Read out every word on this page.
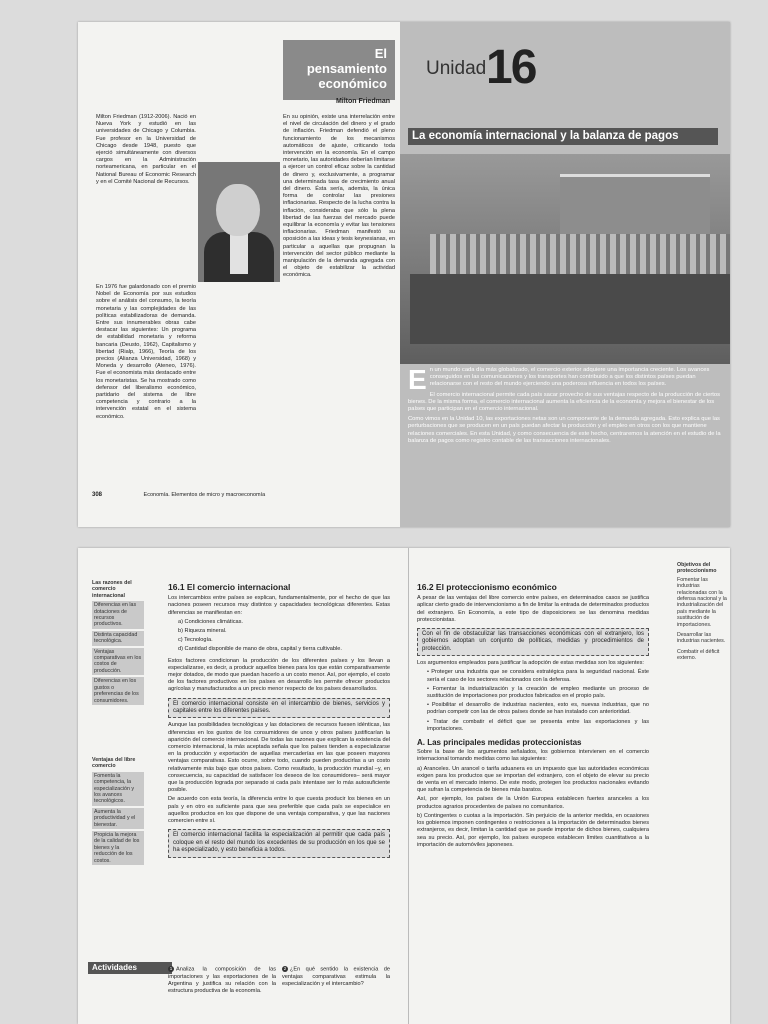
El pensamiento económico
Milton Friedman
Milton Friedman (1912-2006). Nació en Nueva York y estudió en las universidades de Chicago y Columbia. Fue profesor en la Universidad de Chicago desde 1948, puesto que ejerció simultáneamente con diversos cargos en la Administración norteamericana, en particular en el National Bureau of Economic Research y en el Comité Nacional de Recursos.
En su opinión, existe una interrelación entre el nivel de circulación del dinero y el grado de inflación. Friedman defendió el pleno funcionamiento de los mecanismos automáticos de ajuste, criticando toda intervención en la economía. En el campo monetario, las autoridades deberían limitarse a ejercer un control eficaz sobre la cantidad de dinero y, exclusivamente, a programar una determinada tasa de crecimiento anual del dinero. Ésta sería, además, la única forma de controlar las presiones inflacionarias. Respecto de la lucha contra la inflación, consideraba que sólo la plena libertad de las fuerzas del mercado puede equilibrar la economía y evitar las tensiones inflacionarias. Friedman manifestó su oposición a las ideas y tesis keynesianas, en particular a aquellas que propugnan la intervención del sector público mediante la manipulación de la demanda agregada con el objeto de estabilizar la actividad económica.
En 1976 fue galardonado con el premio Nobel de Economía por sus estudios sobre el análisis del consumo, la teoría monetaria y las complejidades de las políticas estabilizadoras de demanda. Entre sus innumerables obras cabe destacar las siguientes: Un programa de estabilidad monetaria y reforma bancaria (Deusto, 1962), Capitalismo y libertad (Rialp, 1966), Teoría de los precios (Alianza Universidad, 1968) y Moneda y desarrollo (Ateneo, 1976). Fue el economista más destacado entre los monetaristas. Se ha mostrado como defensor del liberalismo económico, partidario del sistema de libre competencia y contrario a la intervención estatal en el sistema económico.
308	Economía. Elementos de micro y macroeconomía
Unidad 16
La economía internacional y la balanza de pagos
E n un mundo cada día más globalizado, el comercio exterior adquiere una importancia creciente. Los avances conseguidos en las comunicaciones y los transportes han contribuido a que los distintos países puedan relacionarse con el resto del mundo ejerciendo una poderosa influencia en todos los países.

El comercio internacional permite cada país sacar provecho de sus ventajas respecto de la producción de ciertos bienes. De la misma forma, el comercio internacional aumenta la eficiencia de la economía y mejora el bienestar de los países que participan en el comercio internacional.

Como vimos en la Unidad 10, las exportaciones netas son un componente de la demanda agregada. Esto explica que las perturbaciones que se producen en un país puedan afectar la producción y el empleo en otros con los que mantiene relaciones comerciales. En esta Unidad, y como consecuencia de este hecho, centraremos la atención en el estudio de la balanza de pagos como registro contable de las transacciones internacionales.

Las razones del comercio internacional
Diferencias en las dotaciones de recursos productivos.
Distinta capacidad tecnológica.
Ventajas comparativas en los costos de producción.
Diferencias en los gustos o preferencias de los consumidores.
Ventajas del libre comercio
Fomenta la competencia, la especialización y los avances tecnológicos.
Aumenta la productividad y el bienestar.
Propicia la mejora de la calidad de los bienes y la reducción de los costos.
16.1 El comercio internacional
Los intercambios entre países se explican, fundamentalmente, por el hecho de que las naciones poseen recursos muy distintos y capacidades tecnológicas diferentes. Estas diferencias se manifiestan en:
a) Condiciones climáticas.
b) Riqueza mineral.
c) Tecnología.
d) Cantidad disponible de mano de obra, capital y tierra cultivable.
Estos factores condicionan la producción de los diferentes países y los llevan a especializarse, es decir, a producir aquellos bienes para los que están comparativamente mejor dotados, de modo que puedan hacerlo a un costo menor. Así, por ejemplo, el costo de los factores productivos en los países en desarrollo les permite ofrecer productos agrícolas y manufacturados a un precio menor respecto de los países desarrollados.
El comercio internacional consiste en el intercambio de bienes, servicios y capitales entre los diferentes países.
Aunque las posibilidades tecnológicas y las dotaciones de recursos fuesen idénticas, las diferencias en los gustos de los consumidores de unos y otros países justificarían la aparición del comercio internacional. De todas las razones que explican la existencia del comercio internacional, la más aceptada señala que los países tienden a especializarse en la producción y exportación de aquellas mercaderías en las que poseen mayores ventajas comparativas. Esto ocurre, sobre todo, cuando pueden producirlas a un costo relativamente más bajo que otros países. Como resultado, la producción mundial –y, en consecuencia, su capacidad de satisfacer los deseos de los consumidores– será mayor que la producción lograda por separado si cada país intentase ser lo más autosuficiente posible.
De acuerdo con esta teoría, la diferencia entre lo que cuesta producir los bienes en un país y en otro es suficiente para que sea preferible que cada país se especialice en aquellos productos en los que dispone de una ventaja comparativa, y que las naciones comercien entre sí.
El comercio internacional facilita la especialización al permitir que cada país coloque en el resto del mundo los excedentes de su producción en los que se ha especializado, y esto beneficia a todos.
Actividades	1 Analiza la composición de las importaciones y las exportaciones de la Argentina y justifica su relación con la estructura productiva de la economía.
2 ¿En qué sentido la existencia de ventajas comparativas estimula la especialización y el intercambio?
16.2 El proteccionismo económico
A pesar de las ventajas del libre comercio entre países, en determinados casos se justifica aplicar cierto grado de intervencionismo a fin de limitar la entrada de determinados productos del extranjero. En Economía, a este tipo de disposiciones se las denomina medidas proteccionistas.
Con el fin de obstaculizar las transacciones económicas con el extranjero, los gobiernos adoptan un conjunto de políticas, medidas y procedimientos de protección.
Los argumentos empleados para justificar la adopción de estas medidas son los siguientes:
• Proteger una industria que se considera estratégica para la seguridad nacional. Éste sería el caso de los sectores relacionados con la defensa.
• Fomentar la industrialización y la creación de empleo mediante un proceso de sustitución de importaciones por productos fabricados en el propio país.
• Posibilitar el desarrollo de industrias nacientes, esto es, nuevas industrias, que no podrían competir con las de otros países donde se han instalado con anterioridad.
• Tratar de combatir el déficit que se presenta entre las exportaciones y las importaciones.
A. Las principales medidas proteccionistas
Sobre la base de los argumentos señalados, los gobiernos intervienen en el comercio internacional tomando medidas como las siguientes:
a) Aranceles. Un arancel o tarifa aduanera es un impuesto que las autoridades económicas exigen para los productos que se importan del extranjero, con el objeto de elevar su precio de venta en el mercado interno. De este modo, protegen los productos nacionales evitando que sufran la competencia de bienes más baratos.
Así, por ejemplo, los países de la Unión Europea establecen fuertes aranceles a los productos agrarios procedentes de países no comunitarios.
b) Contingentes o cuotas a la importación. Sin perjuicio de la anterior medida, en ocasiones los gobiernos imponen contingentes o restricciones a la importación de determinados bienes extranjeros, es decir, limitan la cantidad que se puede importar de dichos bienes, cualquiera sea su precio. Así, por ejemplo, los países europeos establecen límites cuantitativos a la importación de automóviles japoneses.
Objetivos del proteccionismo
Fomentar las industrias relacionadas con la defensa nacional y la industrialización del país mediante la sustitución de importaciones.
Desarrollar las industrias nacientes.
Combatir el déficit externo.
